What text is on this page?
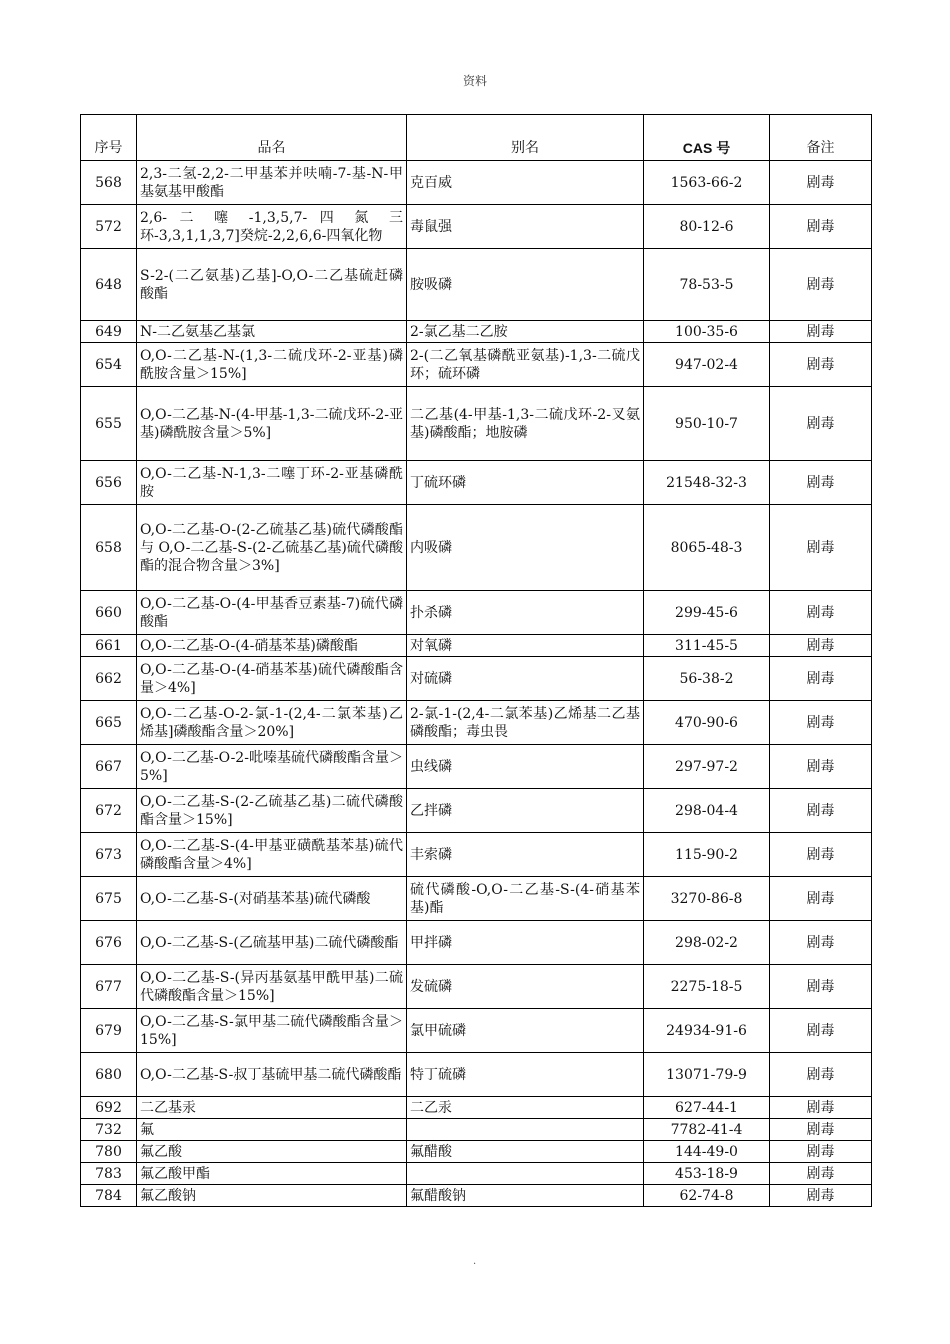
资料
序号	品名	别名	CAS 号	备注
568	2,3-二氢-2,2-二甲基苯并呋喃-7-基-N-甲基氨基甲酸酯	克百威	1563-66-2	剧毒
572	2,6- 二 噻 -1,3,5,7- 四 氮 三 环-3,3,1,1,3,7]癸烷-2,2,6,6-四氧化物	毒鼠强	80-12-6	剧毒
648	S-2-(二乙氨基)乙基]-O,O-二乙基硫赶磷酸酯	胺吸磷	78-53-5	剧毒
649	N-二乙氨基乙基氯	2-氯乙基二乙胺	100-35-6	剧毒
654	O,O-二乙基-N-(1,3-二硫戊环-2-亚基)磷酰胺含量＞15%]	2-(二乙氧基磷酰亚氨基)-1,3-二硫戊环；硫环磷	947-02-4	剧毒
655	O,O-二乙基-N-(4-甲基-1,3-二硫戊环-2-亚基)磷酰胺含量＞5%]	二乙基(4-甲基-1,3-二硫戊环-2-叉氨基)磷酸酯；地胺磷	950-10-7	剧毒
656	O,O-二乙基-N-1,3-二噻丁环-2-亚基磷酰胺	丁硫环磷	21548-32-3	剧毒
658	O,O-二乙基-O-(2-乙硫基乙基)硫代磷酸酯与 O,O-二乙基-S-(2-乙硫基乙基)硫代磷酸酯的混合物含量＞3%]	内吸磷	8065-48-3	剧毒
660	O,O-二乙基-O-(4-甲基香豆素基-7)硫代磷酸酯	扑杀磷	299-45-6	剧毒
661	O,O-二乙基-O-(4-硝基苯基)磷酸酯	对氧磷	311-45-5	剧毒
662	O,O-二乙基-O-(4-硝基苯基)硫代磷酸酯含量＞4%]	对硫磷	56-38-2	剧毒
665	O,O-二乙基-O-2-氯-1-(2,4-二氯苯基)乙烯基]磷酸酯含量＞20%]	2-氯-1-(2,4-二氯苯基)乙烯基二乙基磷酸酯；毒虫畏	470-90-6	剧毒
667	O,O-二乙基-O-2-吡嗪基硫代磷酸酯含量＞5%]	虫线磷	297-97-2	剧毒
672	O,O-二乙基-S-(2-乙硫基乙基)二硫代磷酸酯含量＞15%]	乙拌磷	298-04-4	剧毒
673	O,O-二乙基-S-(4-甲基亚磺酰基苯基)硫代磷酸酯含量＞4%]	丰索磷	115-90-2	剧毒
675	O,O-二乙基-S-(对硝基苯基)硫代磷酸	硫代磷酸-O,O-二乙基-S-(4-硝基苯基)酯	3270-86-8	剧毒
676	O,O-二乙基-S-(乙硫基甲基)二硫代磷酸酯	甲拌磷	298-02-2	剧毒
677	O,O-二乙基-S-(异丙基氨基甲酰甲基)二硫代磷酸酯含量＞15%]	发硫磷	2275-18-5	剧毒
679	O,O-二乙基-S-氯甲基二硫代磷酸酯含量＞15%]	氯甲硫磷	24934-91-6	剧毒
680	O,O-二乙基-S-叔丁基硫甲基二硫代磷酸酯	特丁硫磷	13071-79-9	剧毒
692	二乙基汞	二乙汞	627-44-1	剧毒
732	氟		7782-41-4	剧毒
780	氟乙酸	氟醋酸	144-49-0	剧毒
783	氟乙酸甲酯		453-18-9	剧毒
784	氟乙酸钠	氟醋酸钠	62-74-8	剧毒
.
